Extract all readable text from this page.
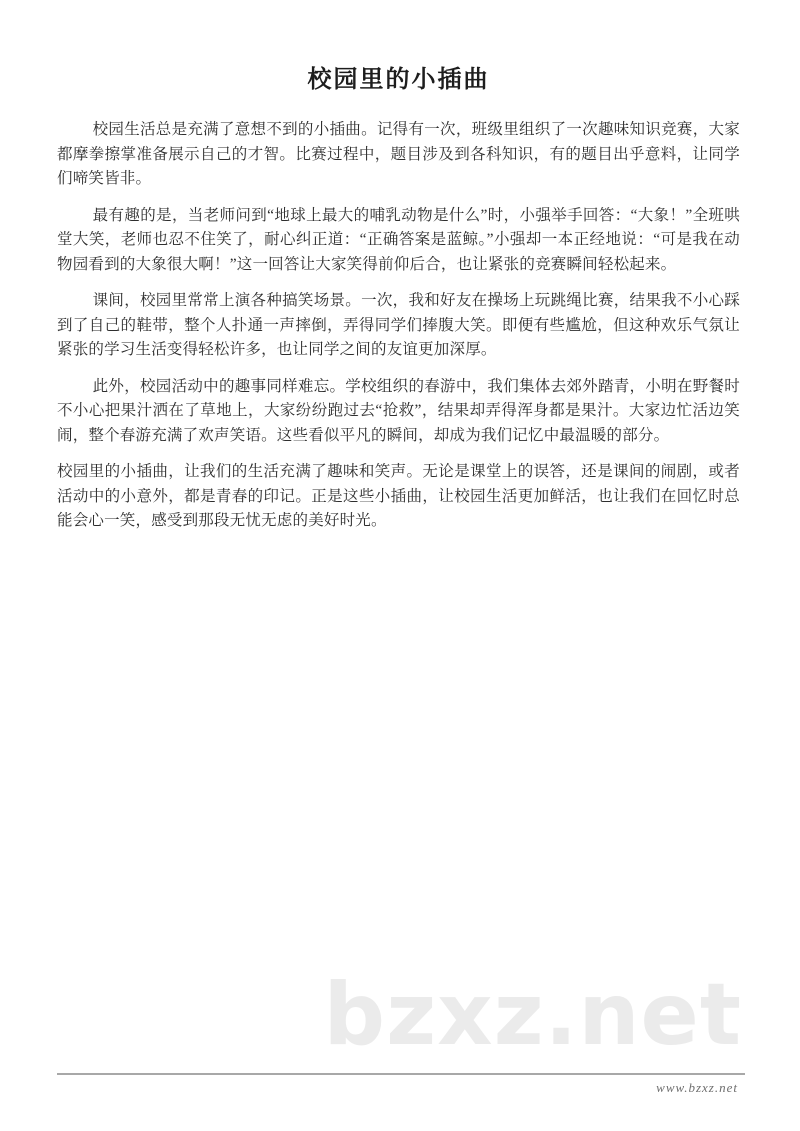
校园里的小插曲

校园生活总是充满了意想不到的小插曲。记得有一次，班级里组织了一次趣味知识竞赛，大家都摩拳擦掌准备展示自己的才智。比赛过程中，题目涉及到各科知识，有的题目出乎意料，让同学们啼笑皆非。

最有趣的是，当老师问到“地球上最大的哺乳动物是什么”时，小强举手回答：“大象！”全班哄堂大笑，老师也忍不住笑了，耐心纠正道：“正确答案是蓝鲸。”小强却一本正经地说：“可是我在动物园看到的大象很大啊！”这一回答让大家笑得前仰后合，也让紧张的竞赛瞬间轻松起来。

课间，校园里常常上演各种搞笑场景。一次，我和好友在操场上玩跳绳比赛，结果我不小心踩到了自己的鞋带，整个人扑通一声摔倒，弄得同学们捧腹大笑。即便有些尴尬，但这种欢乐气氛让紧张的学习生活变得轻松许多，也让同学之间的友谊更加深厚。

此外，校园活动中的趣事同样难忘。学校组织的春游中，我们集体去郊外踏青，小明在野餐时不小心把果汁洒在了草地上，大家纷纷跑过去“抢救”，结果却弄得浑身都是果汁。大家边忙活边笑闹，整个春游充满了欢声笑语。这些看似平凡的瞬间，却成为我们记忆中最温暖的部分。

校园里的小插曲，让我们的生活充满了趣味和笑声。无论是课堂上的误答，还是课间的闹剧，或者活动中的小意外，都是青春的印记。正是这些小插曲，让校园生活更加鲜活，也让我们在回忆时总能会心一笑，感受到那段无忧无虑的美好时光。

bzxz.net
www.bzxz.net
